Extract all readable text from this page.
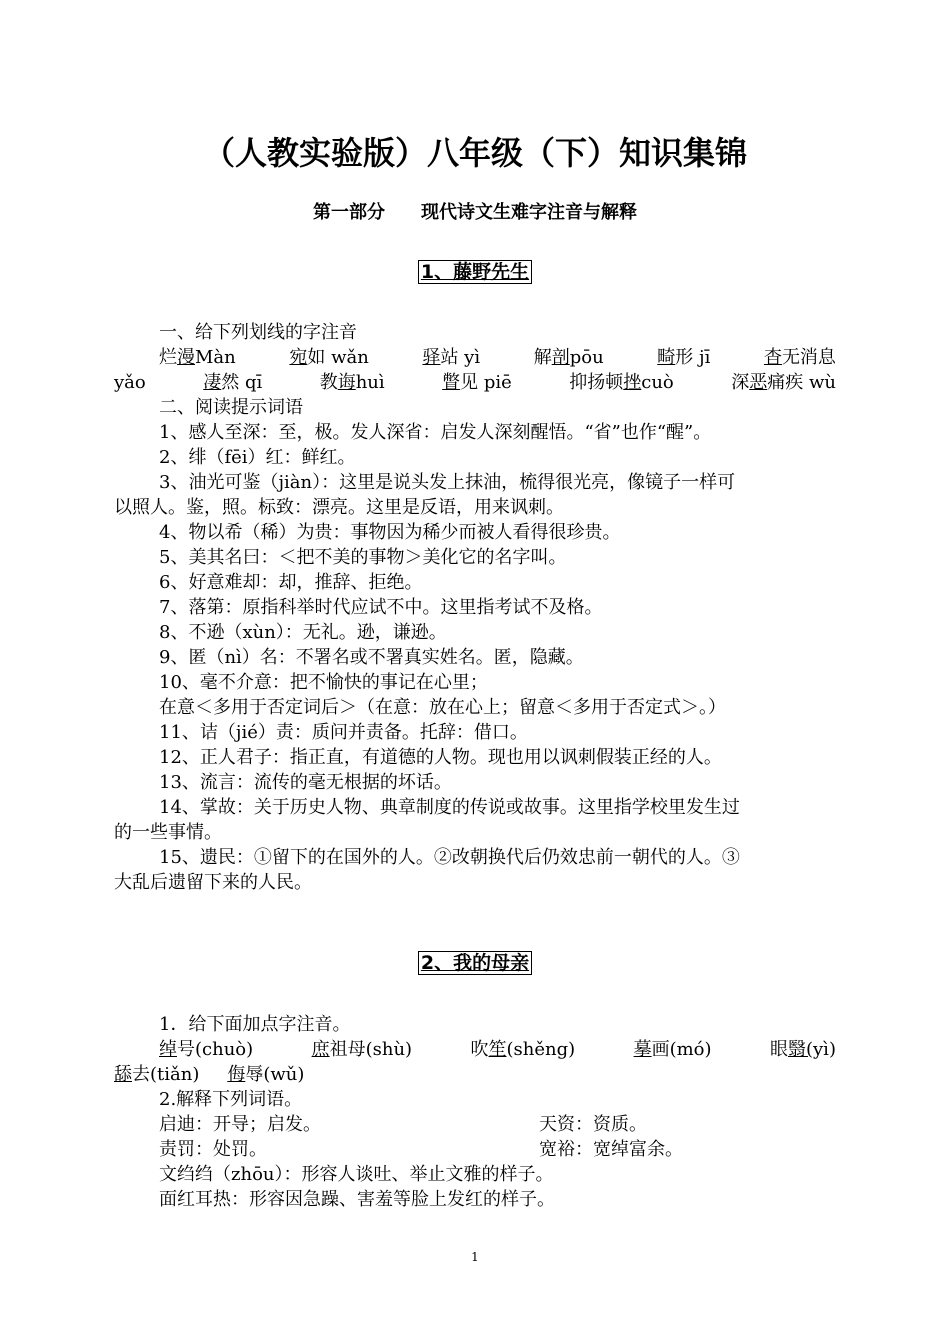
（人教实验版）八年级（下）知识集锦
第一部分 现代诗文生难字注音与解释
1、藤野先生
一、给下列划线的字注音
烂漫Màn	宛如 wǎn	驿站 yì	解剖pōu	畸形 jī	杳无消息
yǎo	凄然 qī	教诲huì	瞥见 piē	抑扬顿挫cuò	深恶痛疾 wù
二、阅读提示词语
1、感人至深：至，极。发人深省：启发人深刻醒悟。“省”也作“醒”。
2、绯（fēi）红：鲜红。
3、油光可鉴（jiàn）：这里是说头发上抹油，梳得很光亮，像镜子一样可
以照人。鉴，照。标致：漂亮。这里是反语，用来讽刺。
4、物以希（稀）为贵：事物因为稀少而被人看得很珍贵。
5、美其名曰：＜把不美的事物＞美化它的名字叫。
6、好意难却：却，推辞、拒绝。
7、落第：原指科举时代应试不中。这里指考试不及格。
8、不逊（xùn）：无礼。逊，谦逊。
9、匿（nì）名：不署名或不署真实姓名。匿，隐藏。
10、毫不介意：把不愉快的事记在心里；
在意＜多用于否定词后＞（在意：放在心上；留意＜多用于否定式＞。）
11、诘（jié）责：质问并责备。托辞：借口。
12、正人君子：指正直，有道德的人物。现也用以讽刺假装正经的人。
13、流言：流传的毫无根据的坏话。
14、掌故：关于历史人物、典章制度的传说或故事。这里指学校里发生过
的一些事情。
15、遗民：①留下的在国外的人。②改朝换代后仍效忠前一朝代的人。③
大乱后遗留下来的人民。
2、我的母亲
1．给下面加点字注音。
绰号(chuò)	庶祖母(shù)	吹笙(shěng)	摹画(mó)	眼翳(yì)
舔去(tiǎn) 侮辱(wǔ)
2.解释下列词语。
启迪：开导；启发。	天资：资质。
责罚：处罚。	宽裕：宽绰富余。
文绉绉（zhōu）：形容人谈吐、举止文雅的样子。
面红耳热：形容因急躁、害羞等脸上发红的样子。
1
